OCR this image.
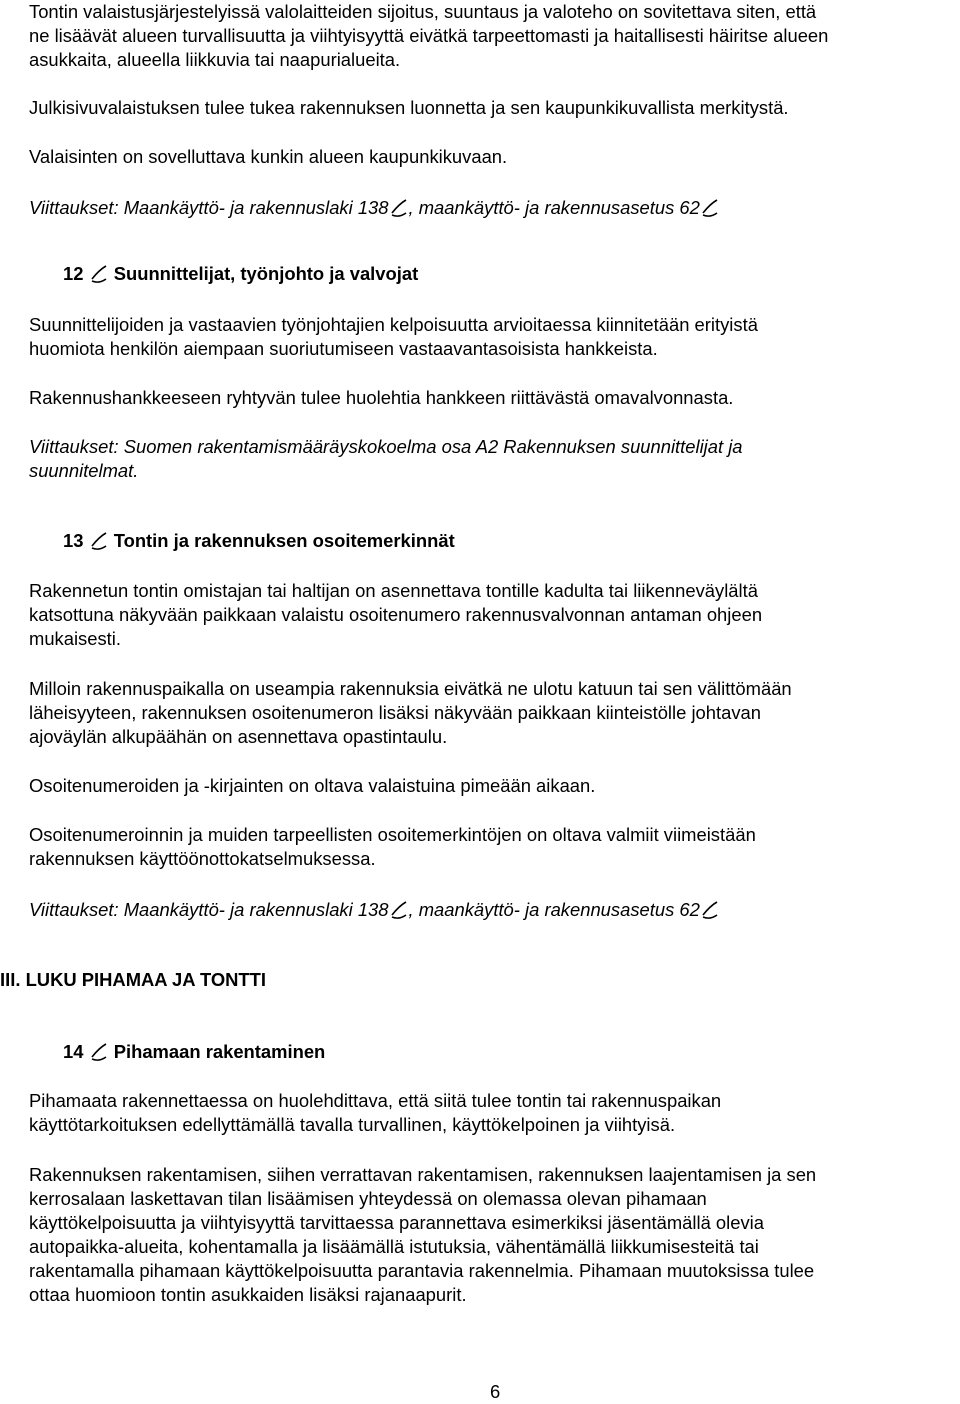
Tontin valaistusjärjestelyissä valolaitteiden sijoitus, suuntaus ja valoteho on sovitettava siten, että
ne lisäävät alueen turvallisuutta ja viihtyisyyttä eivätkä tarpeettomasti ja haitallisesti häiritse alueen
asukkaita, alueella liikkuvia tai naapurialueita.
Julkisivuvalaistuksen tulee tukea rakennuksen luonnetta ja sen kaupunkikuvallista merkitystä.
Valaisinten on sovelluttava kunkin alueen kaupunkikuvaan.
Viittaukset: Maankäyttö- ja rakennuslaki 138 , maankäyttö- ja rakennusasetus 62
12 Suunnittelijat, työnjohto ja valvojat
Suunnittelijoiden ja vastaavien työnjohtajien kelpoisuutta arvioitaessa kiinnitetään erityistä
huomiota henkilön aiempaan suoriutumiseen vastaavantasoisista hankkeista.
Rakennushankkeeseen ryhtyvän tulee huolehtia hankkeen riittävästä omavalvonnasta.
Viittaukset: Suomen rakentamismääräyskokoelma osa A2 Rakennuksen suunnittelijat ja
suunnitelmat.
13 Tontin ja rakennuksen osoitemerkinnät
Rakennetun tontin omistajan tai haltijan on asennettava tontille kadulta tai liikenneväylältä
katsottuna näkyvään paikkaan valaistu osoitenumero rakennusvalvonnan antaman ohjeen
mukaisesti.
Milloin rakennuspaikalla on useampia rakennuksia eivätkä ne ulotu katuun tai sen välittömään
läheisyyteen, rakennuksen osoitenumeron lisäksi näkyvään paikkaan kiinteistölle johtavan
ajoväylän alkupäähän on asennettava opastintaulu.
Osoitenumeroiden ja -kirjainten on oltava valaistuina pimeään aikaan.
Osoitenumeroinnin ja muiden tarpeellisten osoitemerkintöjen on oltava valmiit viimeistään
rakennuksen käyttöönottokatselmuksessa.
Viittaukset: Maankäyttö- ja rakennuslaki 138 , maankäyttö- ja rakennusasetus 62
III. LUKU PIHAMAA JA TONTTI
14 Pihamaan rakentaminen
Pihamaata rakennettaessa on huolehdittava, että siitä tulee tontin tai rakennuspaikan
käyttötarkoituksen edellyttämällä tavalla turvallinen, käyttökelpoinen ja viihtyisä.
Rakennuksen rakentamisen, siihen verrattavan rakentamisen, rakennuksen laajentamisen ja sen
kerrosalaan laskettavan tilan lisäämisen yhteydessä on olemassa olevan pihamaan
käyttökelpoisuutta ja viihtyisyyttä tarvittaessa parannettava esimerkiksi jäsentämällä olevia
autopaikka-alueita, kohentamalla ja lisäämällä istutuksia, vähentämällä liikkumisesteitä tai
rakentamalla pihamaan käyttökelpoisuutta parantavia rakennelmia. Pihamaan muutoksissa tulee
ottaa huomioon tontin asukkaiden lisäksi rajanaapurit.
6
